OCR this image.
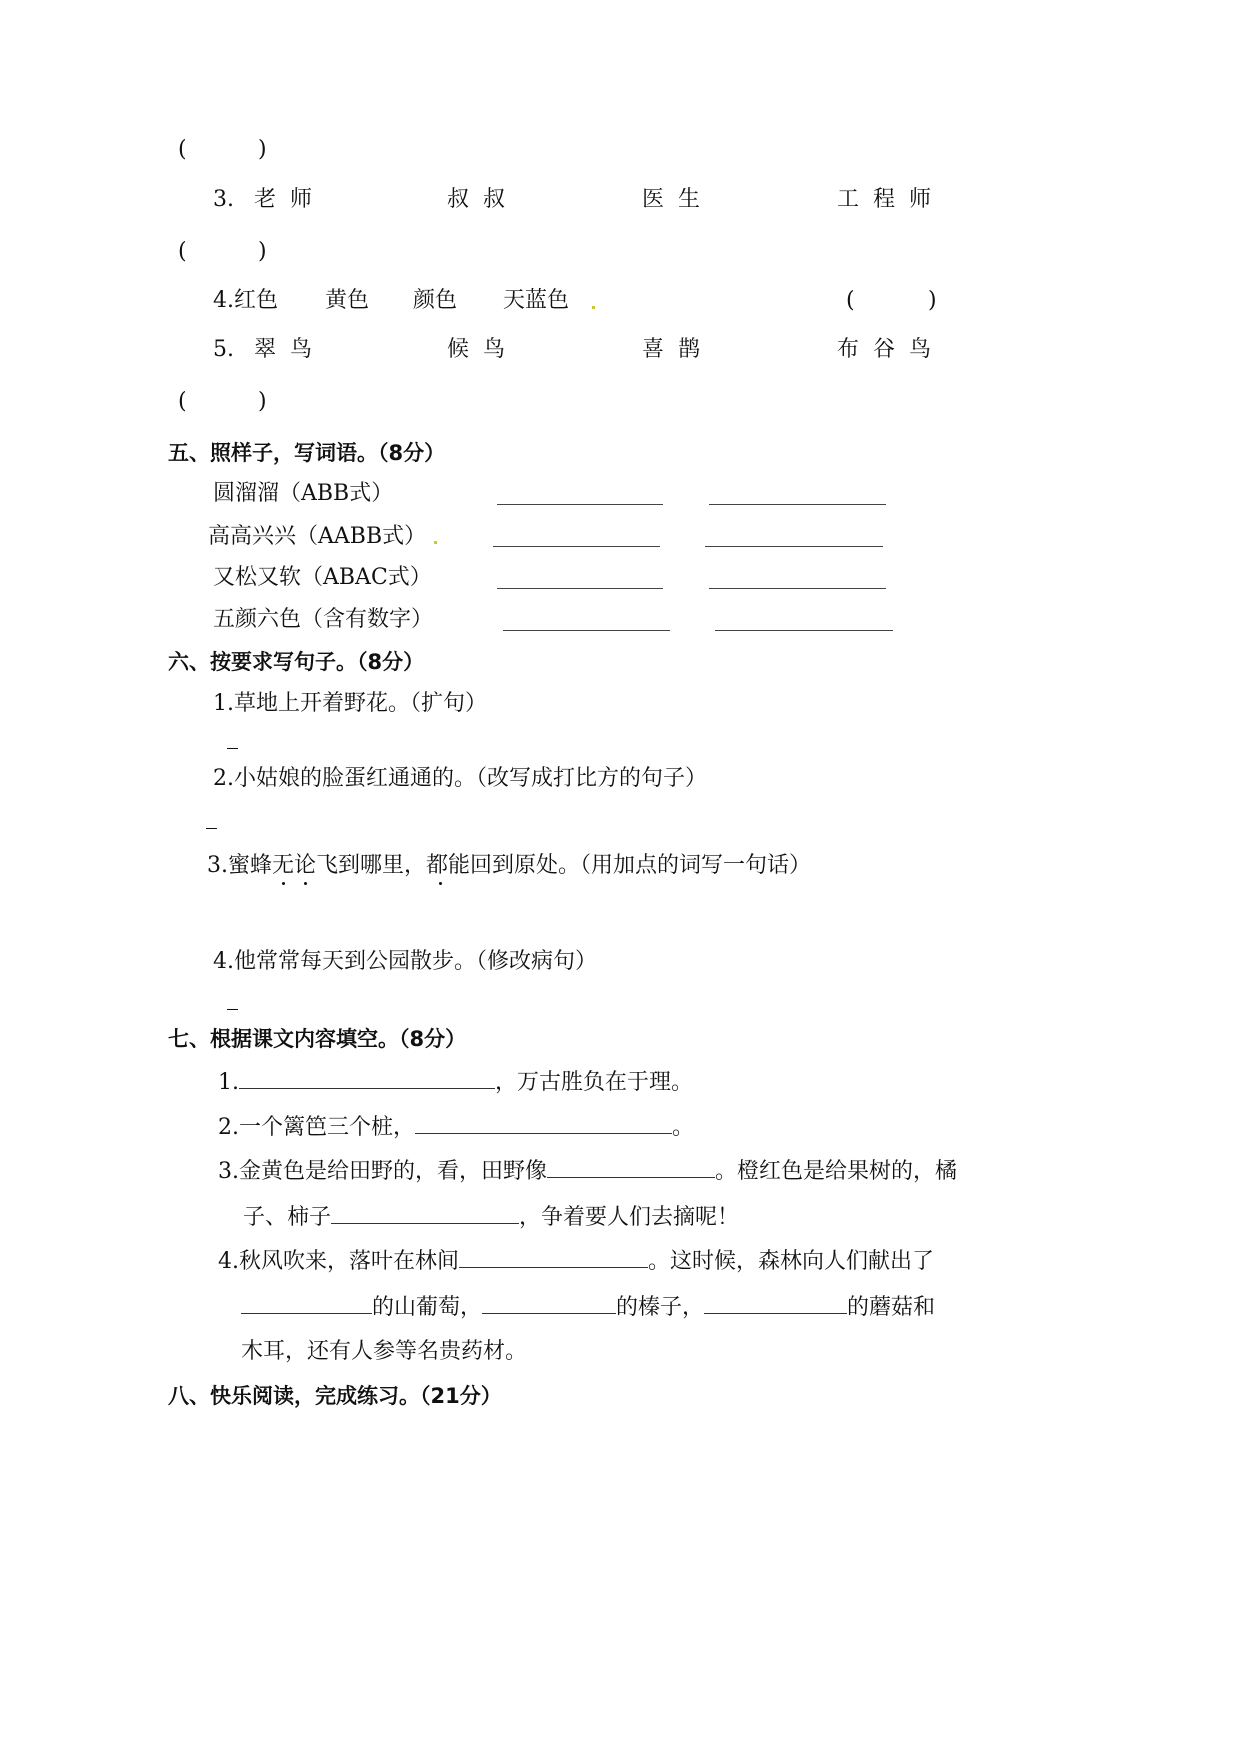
(	)
3. 老师	叔叔	医生	工程师
(	)
4.红色 黄色 颜色 天蓝色	(	)
5. 翠鸟	候鸟	喜鹊	布谷鸟
(	)
五、照样子，写词语。（8分）
圆溜溜（ABB式）
高高兴兴（AABB式）
又松又软（ABAC式）
五颜六色（含有数字）
六、按要求写句子。（8分）
1.草地上开着野花。（扩句）
2.小姑娘的脸蛋红通通的。（改写成打比方的句子）
3.蜜蜂无论飞到哪里，都能回到原处。（用加点的词写一句话）
4.他常常每天到公园散步。（修改病句）
七、根据课文内容填空。（8分）
1.	，万古胜负在于理。
2.一个篱笆三个桩，	。
3.金黄色是给田野的，看，田野像	。橙红色是给果树的，橘
子、柿子	，争着要人们去摘呢！
4.秋风吹来，落叶在林间	。这时候，森林向人们献出了
的山葡萄，	的榛子，	的蘑菇和
木耳，还有人参等名贵药材。
八、快乐阅读，完成练习。（21分）
